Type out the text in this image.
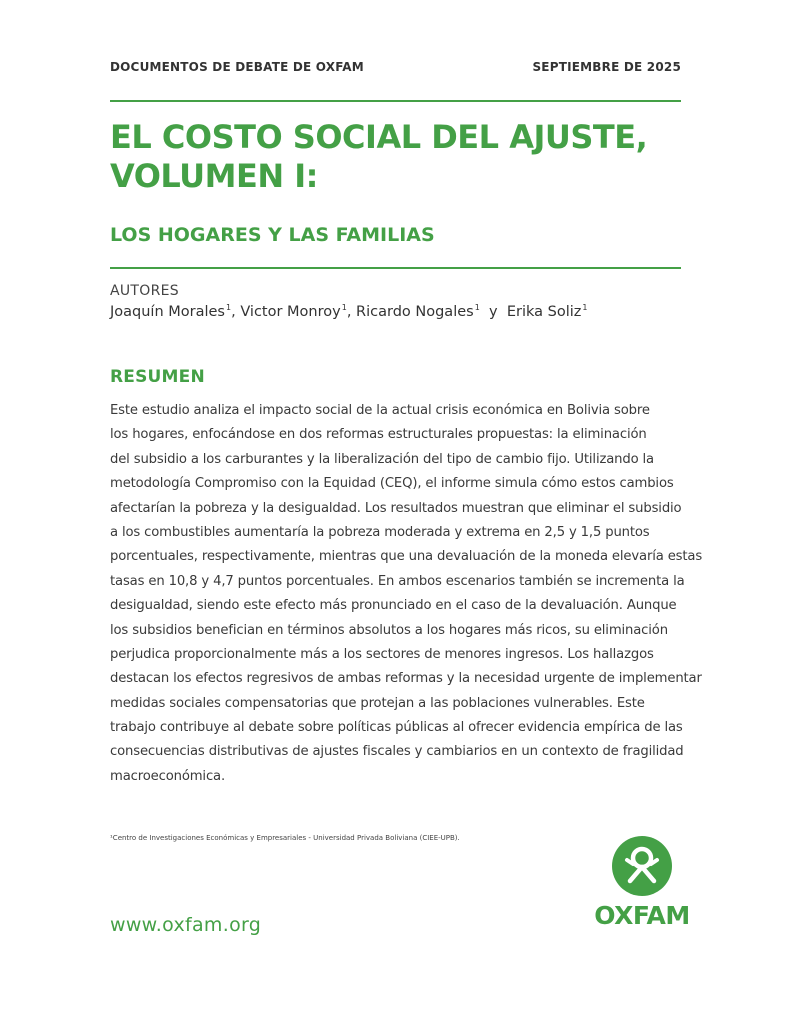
DOCUMENTOS DE DEBATE DE OXFAM	SEPTIEMBRE DE 2025
EL COSTO SOCIAL DEL AJUSTE,
VOLUMEN I:
LOS HOGARES Y LAS FAMILIAS
AUTORES
Joaquín Morales$^1$, Victor Monroy$^1$, Ricardo Nogales$^1$  y  Erika Soliz$^1$
RESUMEN
Este estudio analiza el impacto social de la actual crisis económica en Bolivia sobre
los hogares, enfocándose en dos reformas estructurales propuestas: la eliminación
del subsidio a los carburantes y la liberalización del tipo de cambio fijo. Utilizando la
metodología Compromiso con la Equidad (CEQ), el informe simula cómo estos cambios
afectarían la pobreza y la desigualdad. Los resultados muestran que eliminar el subsidio
a los combustibles aumentaría la pobreza moderada y extrema en 2,5 y 1,5 puntos
porcentuales, respectivamente, mientras que una devaluación de la moneda elevaría estas
tasas en 10,8 y 4,7 puntos porcentuales. En ambos escenarios también se incrementa la
desigualdad, siendo este efecto más pronunciado en el caso de la devaluación. Aunque
los subsidios benefician en términos absolutos a los hogares más ricos, su eliminación
perjudica proporcionalmente más a los sectores de menores ingresos. Los hallazgos
destacan los efectos regresivos de ambas reformas y la necesidad urgente de implementar
medidas sociales compensatorias que protejan a las poblaciones vulnerables. Este
trabajo contribuye al debate sobre políticas públicas al ofrecer evidencia empírica de las
consecuencias distributivas de ajustes fiscales y cambiarios en un contexto de fragilidad
macroeconómica.
¹Centro de Investigaciones Económicas y Empresariales - Universidad Privada Boliviana (CIEE-UPB).
www.oxfam.org	OXFAM
